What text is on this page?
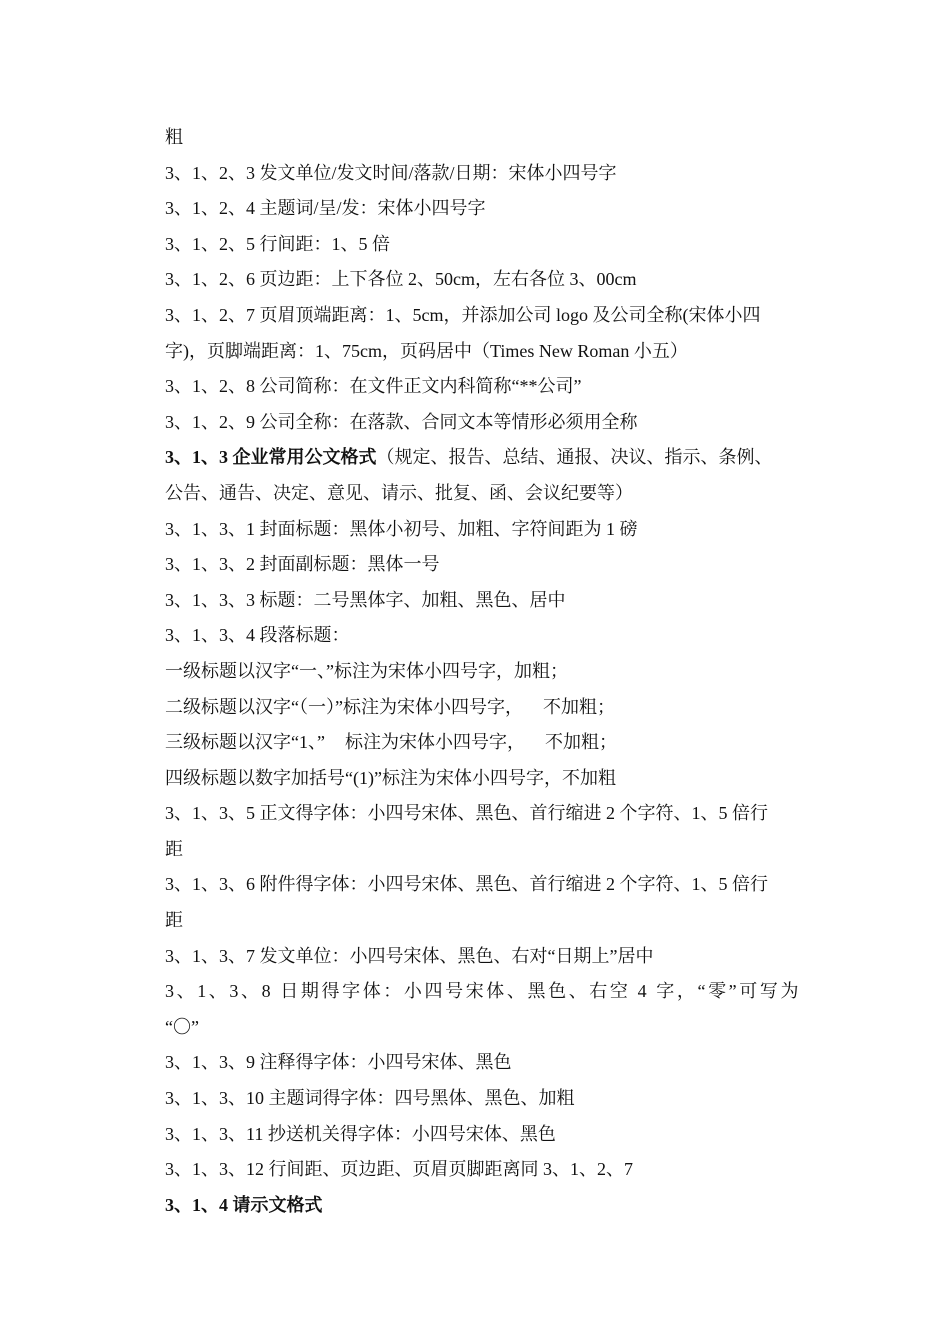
粗
3、1、2、3 发文单位/发文时间/落款/日期：宋体小四号字
3、1、2、4 主题词/呈/发：宋体小四号字
3、1、2、5 行间距：1、5 倍
3、1、2、6 页边距：上下各位 2、50cm，左右各位 3、00cm
3、1、2、7 页眉顶端距离：1、5cm，并添加公司 logo 及公司全称(宋体小四
字)，页脚端距离：1、75cm，页码居中（Times New Roman 小五）
3、1、2、8 公司简称：在文件正文内科简称“**公司”
3、1、2、9 公司全称：在落款、合同文本等情形必须用全称
3、1、3 企业常用公文格式（规定、报告、总结、通报、决议、指示、条例、
公告、通告、决定、意见、请示、批复、函、会议纪要等）
3、1、3、1 封面标题：黑体小初号、加粗、字符间距为 1 磅
3、1、3、2 封面副标题：黑体一号
3、1、3、3 标题：二号黑体字、加粗、黑色、居中
3、1、3、4 段落标题：
一级标题以汉字“一、”标注为宋体小四号字，加粗；
二级标题以汉字“（一）”标注为宋体小四号字， 不加粗；
三级标题以汉字“1、” 标注为宋体小四号字， 不加粗；
四级标题以数字加括号“(1)”标注为宋体小四号字，不加粗
3、1、3、5 正文得字体：小四号宋体、黑色、首行缩进 2 个字符、1、5 倍行
距
3、1、3、6 附件得字体：小四号宋体、黑色、首行缩进 2 个字符、1、5 倍行
距
3、1、3、7 发文单位：小四号宋体、黑色、右对“日期上”居中
3、1、3、8 日期得字体：小四号宋体、黑色、右空 4 字，“零”可写为
“〇”
3、1、3、9 注释得字体：小四号宋体、黑色
3、1、3、10 主题词得字体：四号黑体、黑色、加粗
3、1、3、11 抄送机关得字体：小四号宋体、黑色
3、1、3、12 行间距、页边距、页眉页脚距离同 3、1、2、7
3、1、4 请示文格式
